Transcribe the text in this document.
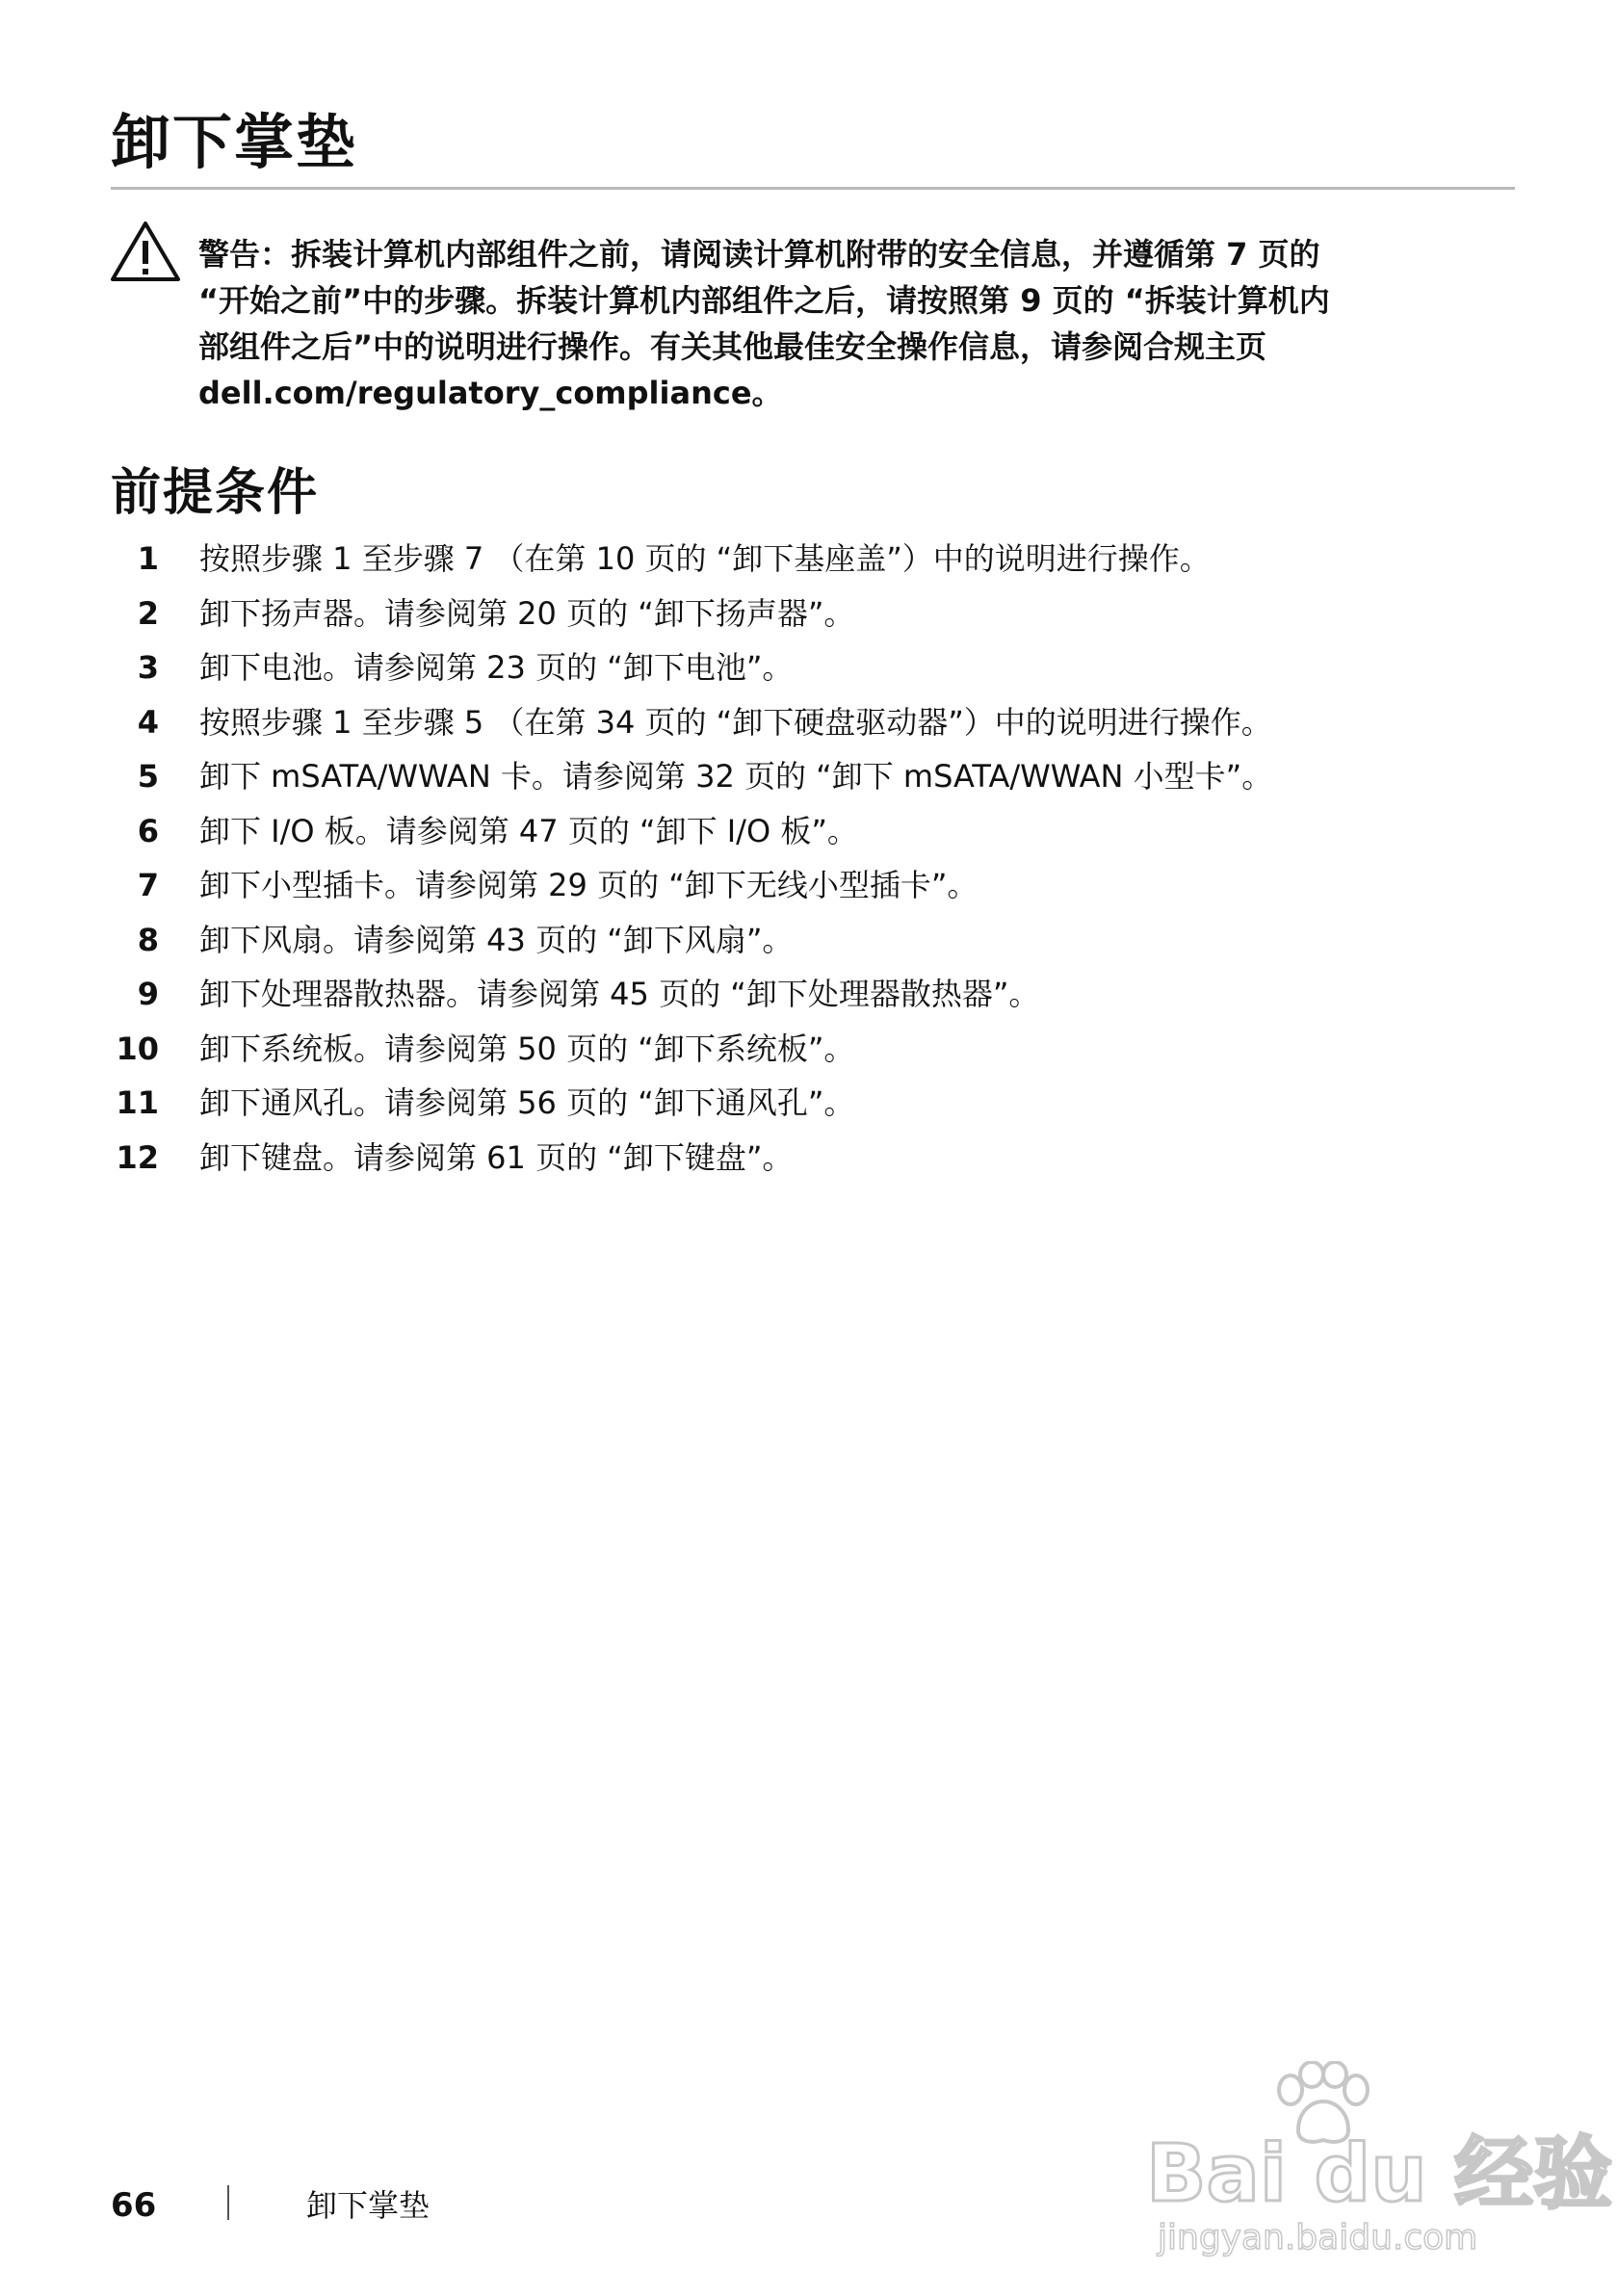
卸下掌垫
警告：拆装计算机内部组件之前，请阅读计算机附带的安全信息，并遵循第 7 页的
“开始之前”中的步骤。拆装计算机内部组件之后，请按照第 9 页的 “拆装计算机内
部组件之后”中的说明进行操作。有关其他最佳安全操作信息，请参阅合规主页
dell.com/regulatory_compliance。
前提条件
1 按照步骤 1 至步骤 7 （在第 10 页的 “卸下基座盖”）中的说明进行操作。
2 卸下扬声器。请参阅第 20 页的 “卸下扬声器”。
3 卸下电池。请参阅第 23 页的 “卸下电池”。
4 按照步骤 1 至步骤 5 （在第 34 页的 “卸下硬盘驱动器”）中的说明进行操作。
5 卸下 mSATA/WWAN 卡。请参阅第 32 页的 “卸下 mSATA/WWAN 小型卡”。
6 卸下 I/O 板。请参阅第 47 页的 “卸下 I/O 板”。
7 卸下小型插卡。请参阅第 29 页的 “卸下无线小型插卡”。
8 卸下风扇。请参阅第 43 页的 “卸下风扇”。
9 卸下处理器散热器。请参阅第 45 页的 “卸下处理器散热器”。
10 卸下系统板。请参阅第 50 页的 “卸下系统板”。
11 卸下通风孔。请参阅第 56 页的 “卸下通风孔”。
12 卸下键盘。请参阅第 61 页的 “卸下键盘”。
66	卸下掌垫	Bai du 经验
jingyan.baidu.com
